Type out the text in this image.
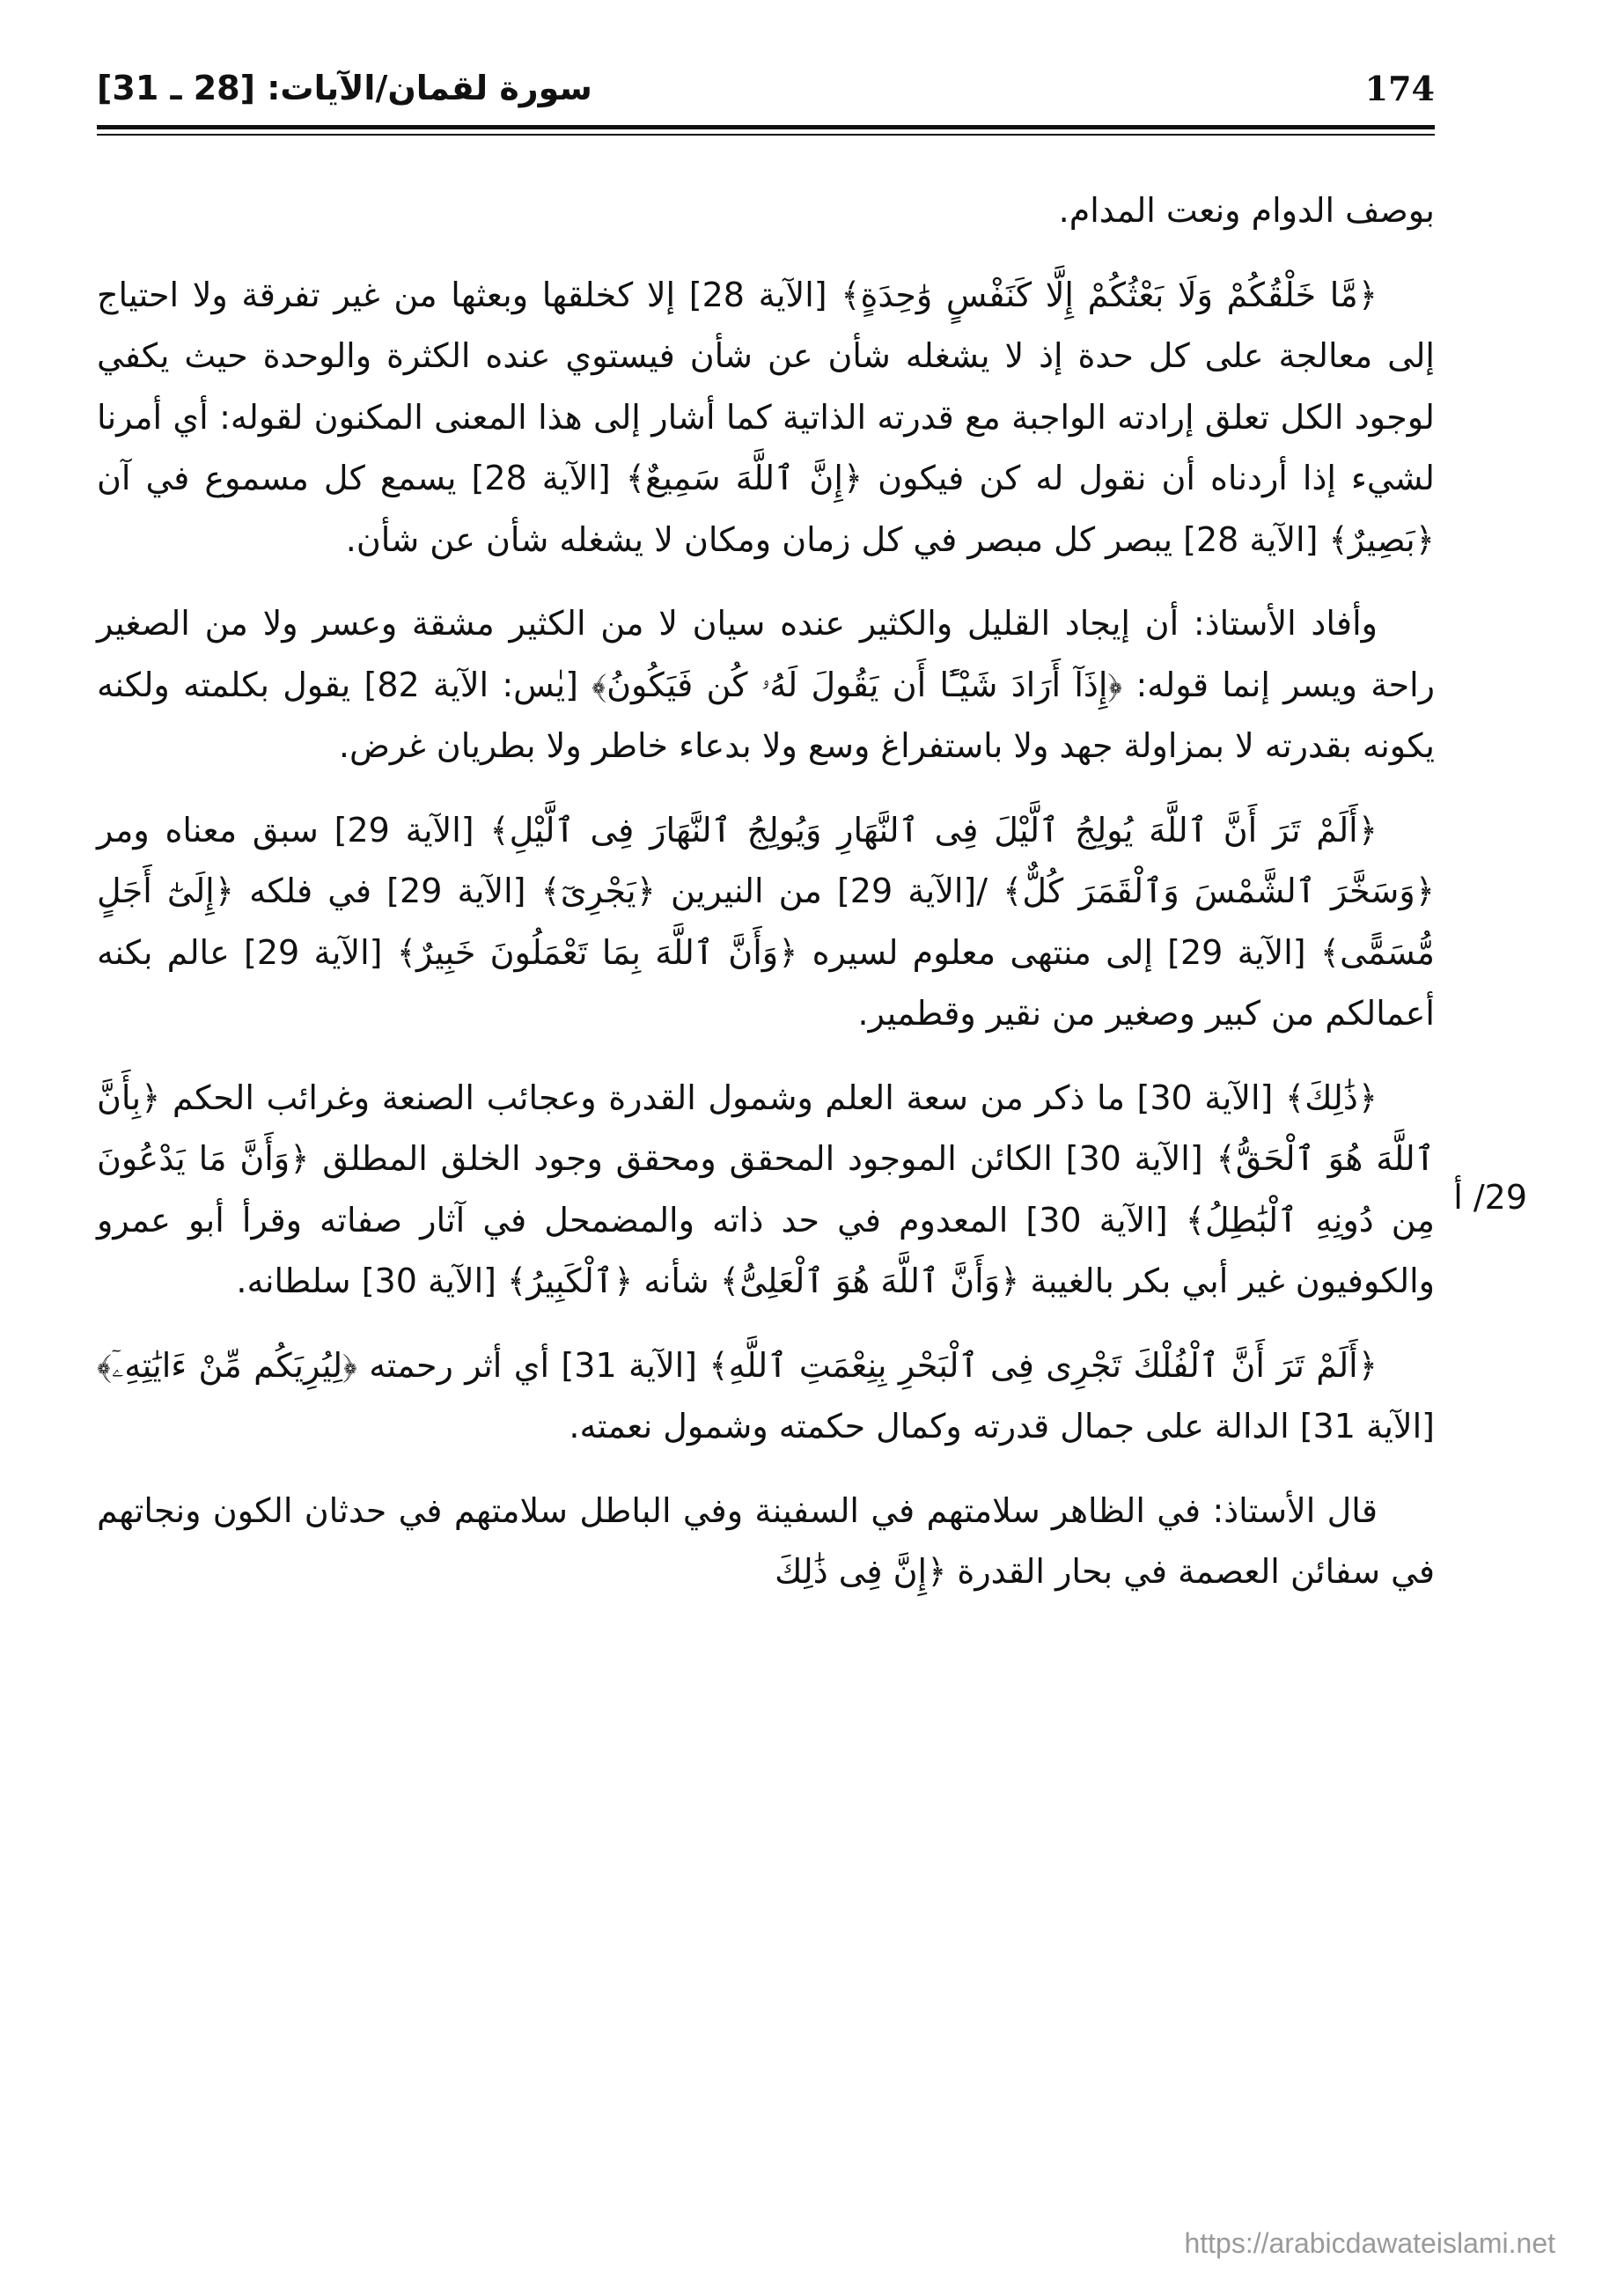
174
سورة لقمان/الآيات: [28 ـ 31]
29/ أ

بوصف الدوام ونعت المدام.

﴿مَّا خَلْقُكُمْ وَلَا بَعْثُكُمْ إِلَّا كَنَفْسٍ وَٰحِدَةٍ﴾ [الآية 28] إلا كخلقها وبعثها من غير تفرقة ولا احتياج إلى معالجة على كل حدة إذ لا يشغله شأن عن شأن فيستوي عنده الكثرة والوحدة حيث يكفي لوجود الكل تعلق إرادته الواجبة مع قدرته الذاتية كما أشار إلى هذا المعنى المكنون لقوله: أي أمرنا لشيء إذا أردناه أن نقول له كن فيكون ﴿إِنَّ ٱللَّهَ سَمِيعٌ﴾ [الآية 28] يسمع كل مسموع في آن ﴿بَصِيرٌ﴾ [الآية 28] يبصر كل مبصر في كل زمان ومكان لا يشغله شأن عن شأن.

وأفاد الأستاذ: أن إيجاد القليل والكثير عنده سيان لا من الكثير مشقة وعسر ولا من الصغير راحة ويسر إنما قوله: ﴿إِذَآ أَرَادَ شَيْـًٔا أَن يَقُولَ لَهُۥ كُن فَيَكُونُ﴾ [يٰس: الآية 82] يقول بكلمته ولكنه يكونه بقدرته لا بمزاولة جهد ولا باستفراغ وسع ولا بدعاء خاطر ولا بطريان غرض.

﴿أَلَمْ تَرَ أَنَّ ٱللَّهَ يُولِجُ ٱلَّيْلَ فِى ٱلنَّهَارِ وَيُولِجُ ٱلنَّهَارَ فِى ٱلَّيْلِ﴾ [الآية 29] سبق معناه ومر ﴿وَسَخَّرَ ٱلشَّمْسَ وَٱلْقَمَرَ كُلٌّ﴾ /[الآية 29] من النيرين ﴿يَجْرِىٓ﴾ [الآية 29] في فلكه ﴿إِلَىٰٓ أَجَلٍ مُّسَمًّى﴾ [الآية 29] إلى منتهى معلوم لسيره ﴿وَأَنَّ ٱللَّهَ بِمَا تَعْمَلُونَ خَبِيرٌ﴾ [الآية 29] عالم بكنه أعمالكم من كبير وصغير من نقير وقطمير.

﴿ذَٰلِكَ﴾ [الآية 30] ما ذكر من سعة العلم وشمول القدرة وعجائب الصنعة وغرائب الحكم ﴿بِأَنَّ ٱللَّهَ هُوَ ٱلْحَقُّ﴾ [الآية 30] الكائن الموجود المحقق ومحقق وجود الخلق المطلق ﴿وَأَنَّ مَا يَدْعُونَ مِن دُونِهِ ٱلْبَٰطِلُ﴾ [الآية 30] المعدوم في حد ذاته والمضمحل في آثار صفاته وقرأ أبو عمرو والكوفيون غير أبي بكر بالغيبة ﴿وَأَنَّ ٱللَّهَ هُوَ ٱلْعَلِىُّ﴾ شأنه ﴿ٱلْكَبِيرُ﴾ [الآية 30] سلطانه.

﴿أَلَمْ تَرَ أَنَّ ٱلْفُلْكَ تَجْرِى فِى ٱلْبَحْرِ بِنِعْمَتِ ٱللَّهِ﴾ [الآية 31] أي أثر رحمته ﴿لِيُرِيَكُم مِّنْ ءَايَٰتِهِۦٓ﴾ [الآية 31] الدالة على جمال قدرته وكمال حكمته وشمول نعمته.

قال الأستاذ: في الظاهر سلامتهم في السفينة وفي الباطل سلامتهم في حدثان الكون ونجاتهم في سفائن العصمة في بحار القدرة ﴿إِنَّ فِى ذَٰلِكَ

https://arabicdawateislami.net
